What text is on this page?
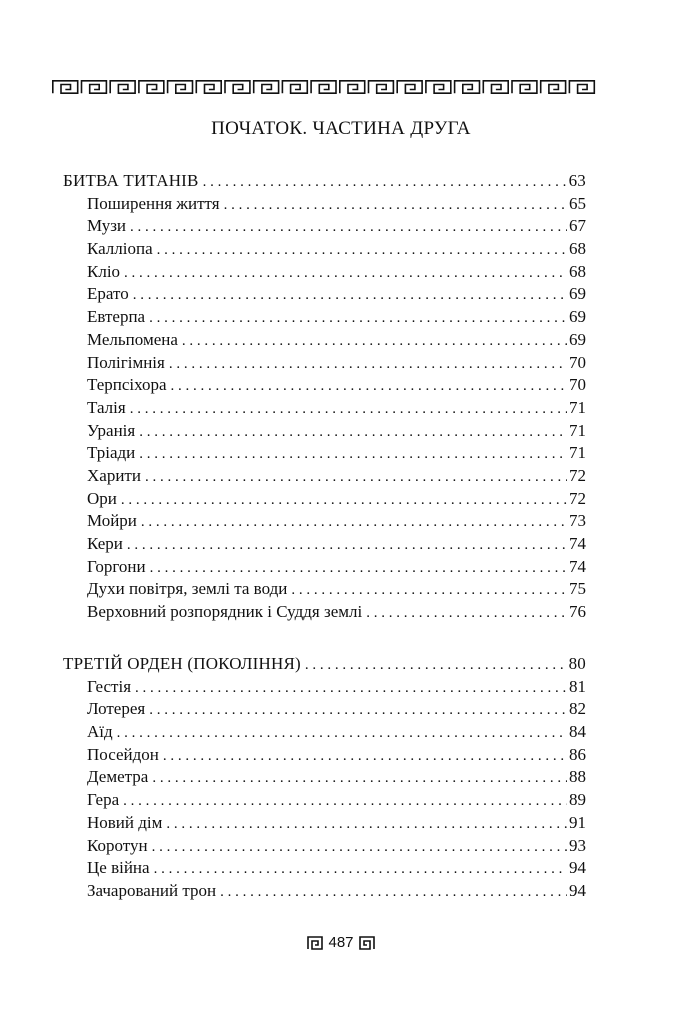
ПОЧАТОК. ЧАСТИНА ДРУГА
БИТВА ТИТАНІВ . . .	63
Поширення життя . . .	65
Музи . . .	67
Калліопа . . .	68
Кліо . . .	68
Ерато . . .	69
Евтерпа . . .	69
Мельпомена . . .	69
Полігімнія . . .	70
Терпсіхора . . .	70
Талія . . .	71
Уранія . . .	71
Тріади . . .	71
Харити . . .	72
Ори . . .	72
Мойри . . .	73
Кери . . .	74
Горгони . . .	74
Духи повітря, землі та води . . .	75
Верховний розпорядник і Суддя землі . . .	76
ТРЕТІЙ ОРДЕН (ПОКОЛІННЯ) . . .	80
Гестія . . .	81
Лотерея . . .	82
Аїд . . .	84
Посейдон . . .	86
Деметра . . .	88
Гера . . .	89
Новий дім . . .	91
Коротун . . .	93
Це війна . . .	94
Зачарований трон . . .	94
487
